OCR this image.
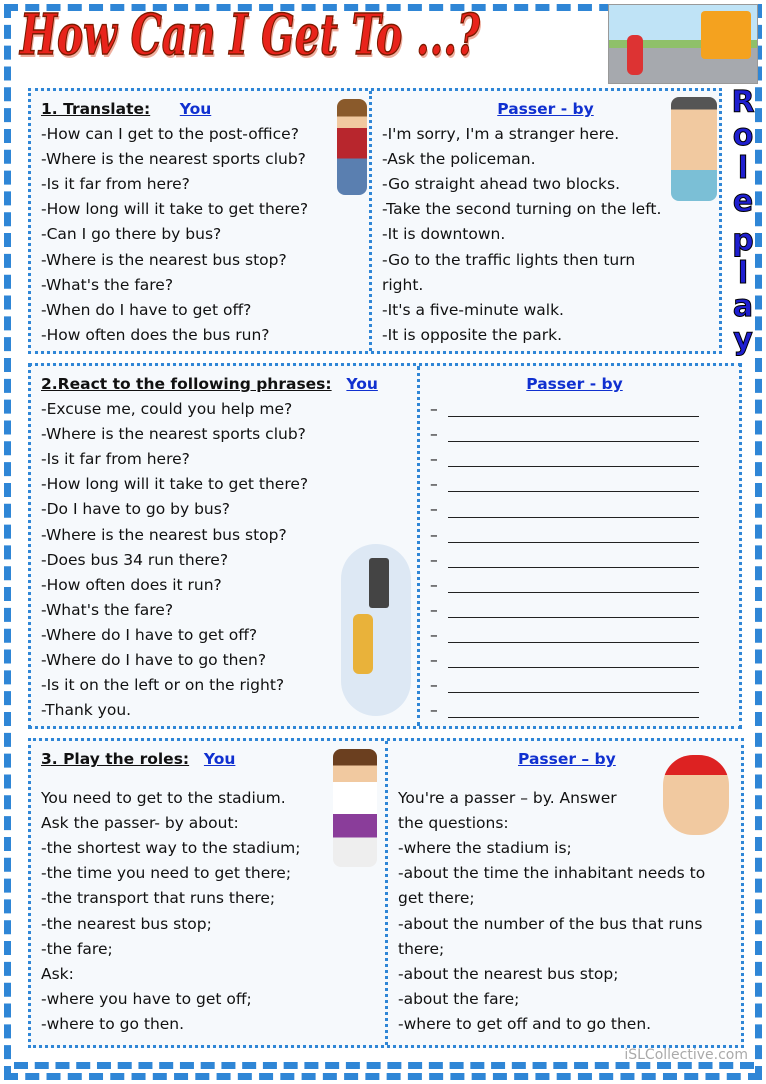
How Can I Get To ...?
R
o
l
e
p
l
a
y
1. Translate: You
-How can I get to the post-office?
-Where is the nearest sports club?
-Is it far from here?
-How long will it take to get there?
-Can I go there by bus?
-Where is the nearest bus stop?
-What's the fare?
-When do I have to get off?
-How often does the bus run?
Passer - by
-I'm sorry, I'm a stranger here.
-Ask the policeman.
-Go straight ahead two blocks.
-Take the second turning on the left.
-It is downtown.
-Go to the traffic lights then turn
right.
-It's a five-minute walk.
-It is opposite the park.
2.React to the following phrases: You
-Excuse me, could you help me?
-Where is the nearest sports club?
-Is it far from here?
-How long will it take to get there?
-Do I have to go by bus?
-Where is the nearest bus stop?
-Does bus 34 run there?
-How often does it run?
-What's the fare?
-Where do I have to get off?
-Where do I have to go then?
-Is it on the left or on the right?
-Thank you.
Passer - by
–
–
–
–
–
–
–
–
–
–
–
–
–
3. Play the roles: You
You need to get to the stadium.
Ask the passer- by about:
-the shortest way to the stadium;
-the time you need to get there;
-the transport that runs there;
-the nearest bus stop;
-the fare;
Ask:
-where you have to get off;
-where to go then.
Passer – by
You're a passer – by. Answer
the questions:
-where the stadium is;
-about the time the inhabitant needs to
get there;
-about the number of the bus that runs
there;
-about the nearest bus stop;
-about the fare;
-where to get off and to go then.
iSLCollective.com
